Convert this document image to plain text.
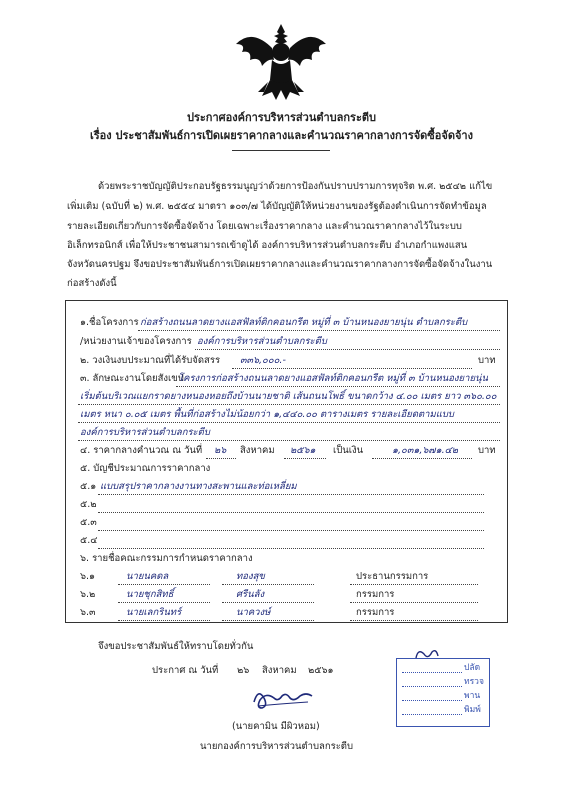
ประกาศองค์การบริหารส่วนตำบลกระตีบ
เรื่อง ประชาสัมพันธ์การเปิดเผยราคากลางและคำนวณราคากลางการจัดซื้อจัดจ้าง
ด้วยพระราชบัญญัติประกอบรัฐธรรมนูญว่าด้วยการป้องกันปราบปรามการทุจริต พ.ศ. ๒๕๔๒ แก้ไข
เพิ่มเติม (ฉบับที่ ๒) พ.ศ. ๒๕๕๔ มาตรา ๑๐๓/๗ ได้บัญญัติให้หน่วยงานของรัฐต้องดำเนินการจัดทำข้อมูล
รายละเอียดเกี่ยวกับการจัดซื้อจัดจ้าง โดยเฉพาะเรื่องราคากลาง และคำนวณราคากลางไว้ในระบบ
อิเล็กทรอนิกส์ เพื่อให้ประชาชนสามารถเข้าดูได้ องค์การบริหารส่วนตำบลกระตีบ อำเภอกำแพงแสน
จังหวัดนครปฐม จึงขอประชาสัมพันธ์การเปิดเผยราคากลางและคำนวณราคากลางการจัดซื้อจัดจ้างในงาน
ก่อสร้างดังนี้
๑.ชื่อโครงการ ก่อสร้างถนนลาดยางแอสฟัลท์ติกคอนกรีต หมู่ที่ ๓ บ้านหนองยายนุ่น ตำบลกระตีบ
/หน่วยงานเจ้าของโครงการ องค์การบริหารส่วนตำบลกระตีบ
๒. วงเงินงบประมาณที่ได้รับจัดสรร ๓๓๖,๐๐๐.-	บาท
๓. ลักษณะงานโดยสังเขป
โครงการก่อสร้างถนนลาดยางแอสฟัลท์ติกคอนกรีต หมู่ที่ ๓ บ้านหนองยายนุ่น
เริ่มต้นบริเวณแยกราดยางหนองหอยถึงบ้านนายชาติ เส้นถนนโพธิ์ ขนาดกว้าง ๔.๐๐ เมตร ยาว ๓๖๐.๐๐
เมตร หนา ๐.๐๕ เมตร พื้นที่ก่อสร้างไม่น้อยกว่า ๑,๔๔๐.๐๐ ตารางเมตร รายละเอียดตามแบบ
องค์การบริหารส่วนตำบลกระตีบ
๔. ราคากลางคำนวณ ณ วันที่ ๒๖ สิงหาคม ๒๕๖๑ เป็นเงิน	๑,๐๓๑,๖๗๑.๔๒ บาท
๕. บัญชีประมาณการราคากลาง
๕.๑ แบบสรุปราคากลางงานทางสะพานและท่อเหลี่ยม
๕.๒
๕.๓
๕.๔
๖. รายชื่อคณะกรรมการกำหนดราคากลาง
๖.๑	นายนคดล	ทองสุข	ประธานกรรมการ
๖.๒	นายชุกสิทธิ์	ศรีนลัง	กรรมการ
๖.๓	นายเลกรินทร์	นาควงษ์	กรรมการ
จึงขอประชาสัมพันธ์ให้ทราบโดยทั่วกัน
ประกาศ ณ วันที่ ๒๖ สิงหาคม ๒๕๖๑
(นายคามิน มีผิวหอม)
นายกองค์การบริหารส่วนตำบลกระตีบ
ปลัด
ทรวจ
พาน
พิมพ์
